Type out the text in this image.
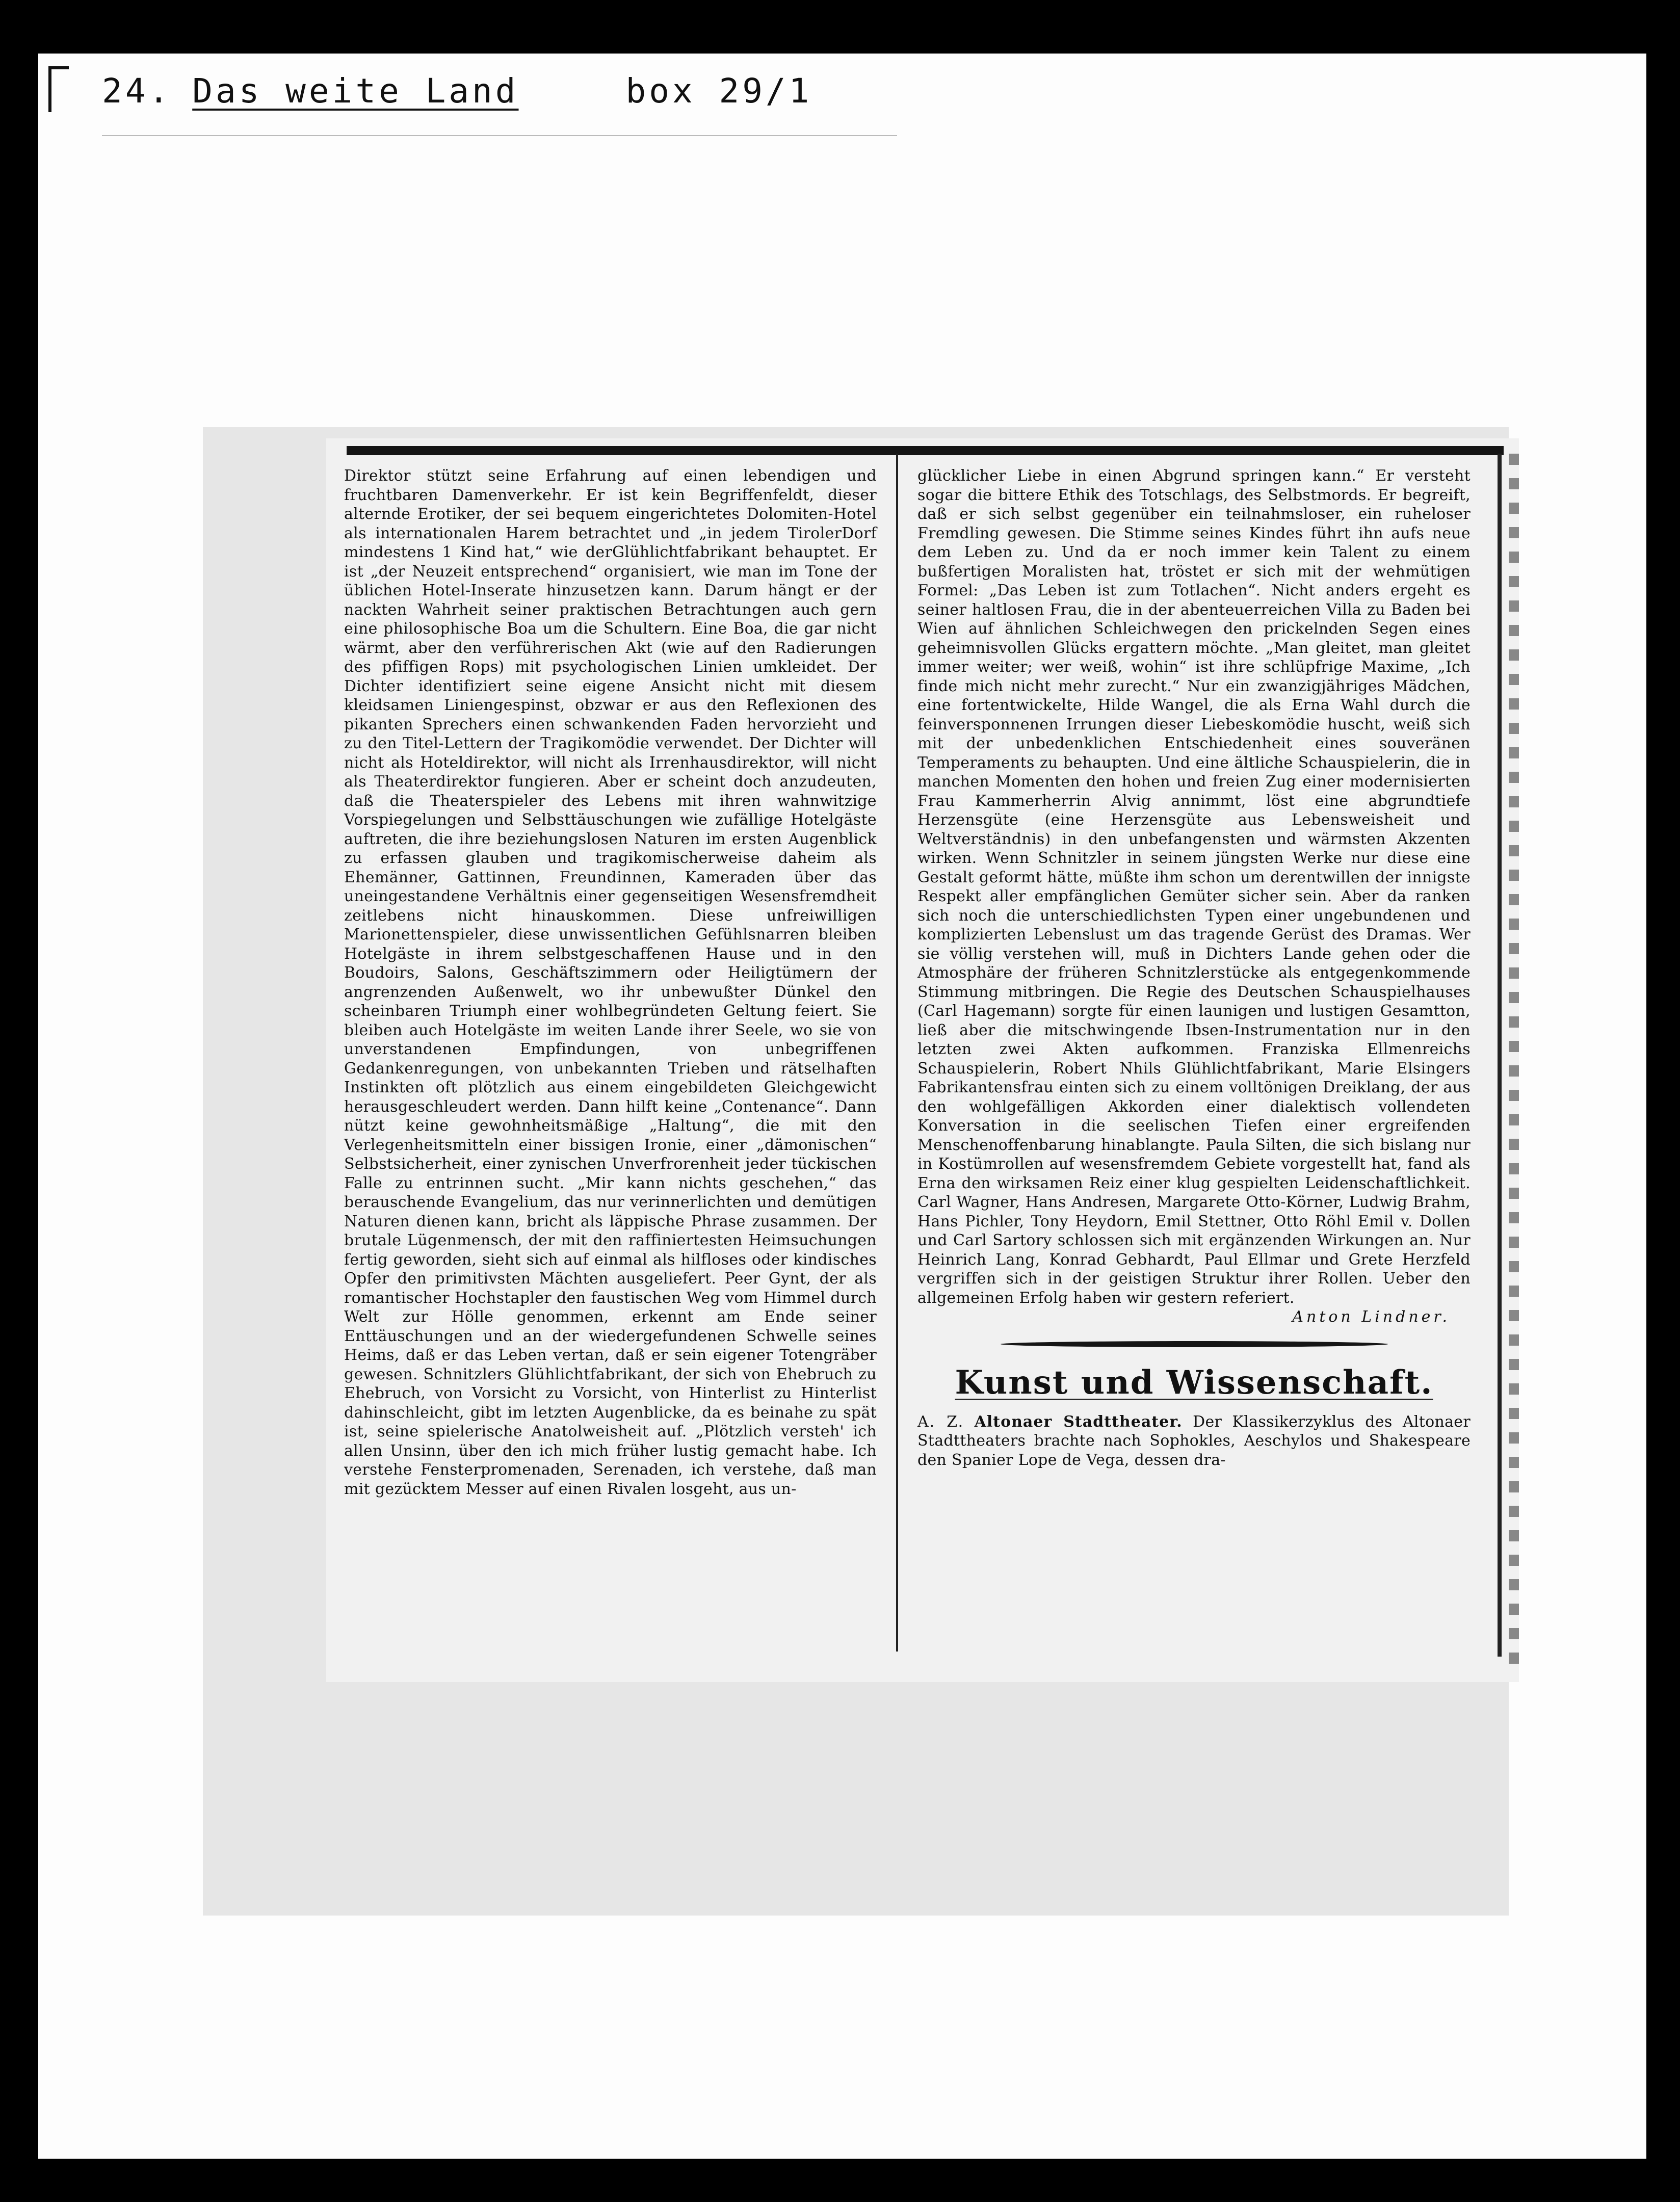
24. Das weite Land	box 29/1
Direktor stützt seine Erfahrung auf einen lebendigen und fruchtbaren Damenverkehr. Er ist kein Begriffenfeldt, dieser alternde Erotiker, der sei bequem eingerichtetes Dolomiten-Hotel als internationalen Harem betrachtet und „in jedem TirolerDorf mindestens 1 Kind hat,“ wie derGlühlichtfabrikant behauptet. Er ist „der Neuzeit entsprechend“ organisiert, wie man im Tone der üblichen Hotel-Inserate hinzusetzen kann. Darum hängt er der nackten Wahrheit seiner praktischen Betrachtungen auch gern eine philosophische Boa um die Schultern. Eine Boa, die gar nicht wärmt, aber den verführerischen Akt (wie auf den Radierungen des pfiffigen Rops) mit psychologischen Linien umkleidet. Der Dichter identifiziert seine eigene Ansicht nicht mit diesem kleidsamen Liniengespinst, obzwar er aus den Reflexionen des pikanten Sprechers einen schwankenden Faden hervorzieht und zu den Titel-Lettern der Tragikomödie verwendet. Der Dichter will nicht als Hoteldirektor, will nicht als Irrenhausdirektor, will nicht als Theaterdirektor fungieren. Aber er scheint doch anzudeuten, daß die Theaterspieler des Lebens mit ihren wahnwitzige Vorspiegelungen und Selbsttäuschungen wie zufällige Hotelgäste auftreten, die ihre beziehungslosen Naturen im ersten Augenblick zu erfassen glauben und tragikomischerweise daheim als Ehemänner, Gattinnen, Freundinnen, Kameraden über das uneingestandene Verhältnis einer gegenseitigen Wesensfremdheit zeitlebens nicht hinauskommen. Diese unfreiwilligen Marionettenspieler, diese unwissentlichen Gefühlsnarren bleiben Hotelgäste in ihrem selbstgeschaffenen Hause und in den Boudoirs, Salons, Geschäftszimmern oder Heiligtümern der angrenzenden Außenwelt, wo ihr unbewußter Dünkel den scheinbaren Triumph einer wohlbegründeten Geltung feiert. Sie bleiben auch Hotelgäste im weiten Lande ihrer Seele, wo sie von unverstandenen Empfindungen, von unbegriffenen Gedankenregungen, von unbekannten Trieben und rätselhaften Instinkten oft plötzlich aus einem eingebildeten Gleichgewicht herausgeschleudert werden. Dann hilft keine „Contenance“. Dann nützt keine gewohnheitsmäßige „Haltung“, die mit den Verlegenheitsmitteln einer bissigen Ironie, einer „dämonischen“ Selbstsicherheit, einer zynischen Unverfrorenheit jeder tückischen Falle zu entrinnen sucht. „Mir kann nichts geschehen,“ das berauschende Evangelium, das nur verinnerlichten und demütigen Naturen dienen kann, bricht als läppische Phrase zusammen. Der brutale Lügenmensch, der mit den raffiniertesten Heimsuchungen fertig geworden, sieht sich auf einmal als hilfloses oder kindisches Opfer den primitivsten Mächten ausgeliefert. Peer Gynt, der als romantischer Hochstapler den faustischen Weg vom Himmel durch Welt zur Hölle genommen, erkennt am Ende seiner Enttäuschungen und an der wiedergefundenen Schwelle seines Heims, daß er das Leben vertan, daß er sein eigener Totengräber gewesen. Schnitzlers Glühlichtfabrikant, der sich von Ehebruch zu Ehebruch, von Vorsicht zu Vorsicht, von Hinterlist zu Hinterlist dahinschleicht, gibt im letzten Augenblicke, da es beinahe zu spät ist, seine spielerische Anatolweisheit auf. „Plötzlich versteh' ich allen Unsinn, über den ich mich früher lustig gemacht habe. Ich verstehe Fensterpromenaden, Serenaden, ich verstehe, daß man mit gezücktem Messer auf einen Rivalen losgeht, aus un-
glücklicher Liebe in einen Abgrund springen kann.“ Er versteht sogar die bittere Ethik des Totschlags, des Selbstmords. Er begreift, daß er sich selbst gegenüber ein teilnahmsloser, ein ruheloser Fremdling gewesen. Die Stimme seines Kindes führt ihn aufs neue dem Leben zu. Und da er noch immer kein Talent zu einem bußfertigen Moralisten hat, tröstet er sich mit der wehmütigen Formel: „Das Leben ist zum Totlachen“. Nicht anders ergeht es seiner haltlosen Frau, die in der abenteuerreichen Villa zu Baden bei Wien auf ähnlichen Schleichwegen den prickelnden Segen eines geheimnisvollen Glücks ergattern möchte. „Man gleitet, man gleitet immer weiter; wer weiß, wohin“ ist ihre schlüpfrige Maxime, „Ich finde mich nicht mehr zurecht.“ Nur ein zwanzigjähriges Mädchen, eine fortentwickelte, Hilde Wangel, die als Erna Wahl durch die feinversponnenen Irrungen dieser Liebeskomödie huscht, weiß sich mit der unbedenklichen Entschiedenheit eines souveränen Temperaments zu behaupten. Und eine ältliche Schauspielerin, die in manchen Momenten den hohen und freien Zug einer modernisierten Frau Kammerherrin Alvig annimmt, löst eine abgrundtiefe Herzensgüte (eine Herzensgüte aus Lebensweisheit und Weltverständnis) in den unbefangensten und wärmsten Akzenten wirken. Wenn Schnitzler in seinem jüngsten Werke nur diese eine Gestalt geformt hätte, müßte ihm schon um derentwillen der innigste Respekt aller empfänglichen Gemüter sicher sein. Aber da ranken sich noch die unterschiedlichsten Typen einer ungebundenen und komplizierten Lebenslust um das tragende Gerüst des Dramas. Wer sie völlig verstehen will, muß in Dichters Lande gehen oder die Atmosphäre der früheren Schnitzlerstücke als entgegenkommende Stimmung mitbringen. Die Regie des Deutschen Schauspielhauses (Carl Hagemann) sorgte für einen launigen und lustigen Gesamtton, ließ aber die mitschwingende Ibsen-Instrumentation nur in den letzten zwei Akten aufkommen. Franziska Ellmenreichs Schauspielerin, Robert Nhils Glühlichtfabrikant, Marie Elsingers Fabrikantensfrau einten sich zu einem volltönigen Dreiklang, der aus den wohlgefälligen Akkorden einer dialektisch vollendeten Konversation in die seelischen Tiefen einer ergreifenden Menschenoffenbarung hinablangte. Paula Silten, die sich bislang nur in Kostümrollen auf wesensfremdem Gebiete vorgestellt hat, fand als Erna den wirksamen Reiz einer klug gespielten Leidenschaftlichkeit. Carl Wagner, Hans Andresen, Margarete Otto-Körner, Ludwig Brahm, Hans Pichler, Tony Heydorn, Emil Stettner, Otto Röhl Emil v. Dollen und Carl Sartory schlossen sich mit ergänzenden Wirkungen an. Nur Heinrich Lang, Konrad Gebhardt, Paul Ellmar und Grete Herzfeld vergriffen sich in der geistigen Struktur ihrer Rollen. Ueber den allgemeinen Erfolg haben wir gestern referiert.
Anton Lindner.
Kunst und Wissenschaft.
A. Z. Altonaer Stadttheater. Der Klassikerzyklus des Altonaer Stadttheaters brachte nach Sophokles, Aeschylos und Shakespeare den Spanier Lope de Vega, dessen dra-
